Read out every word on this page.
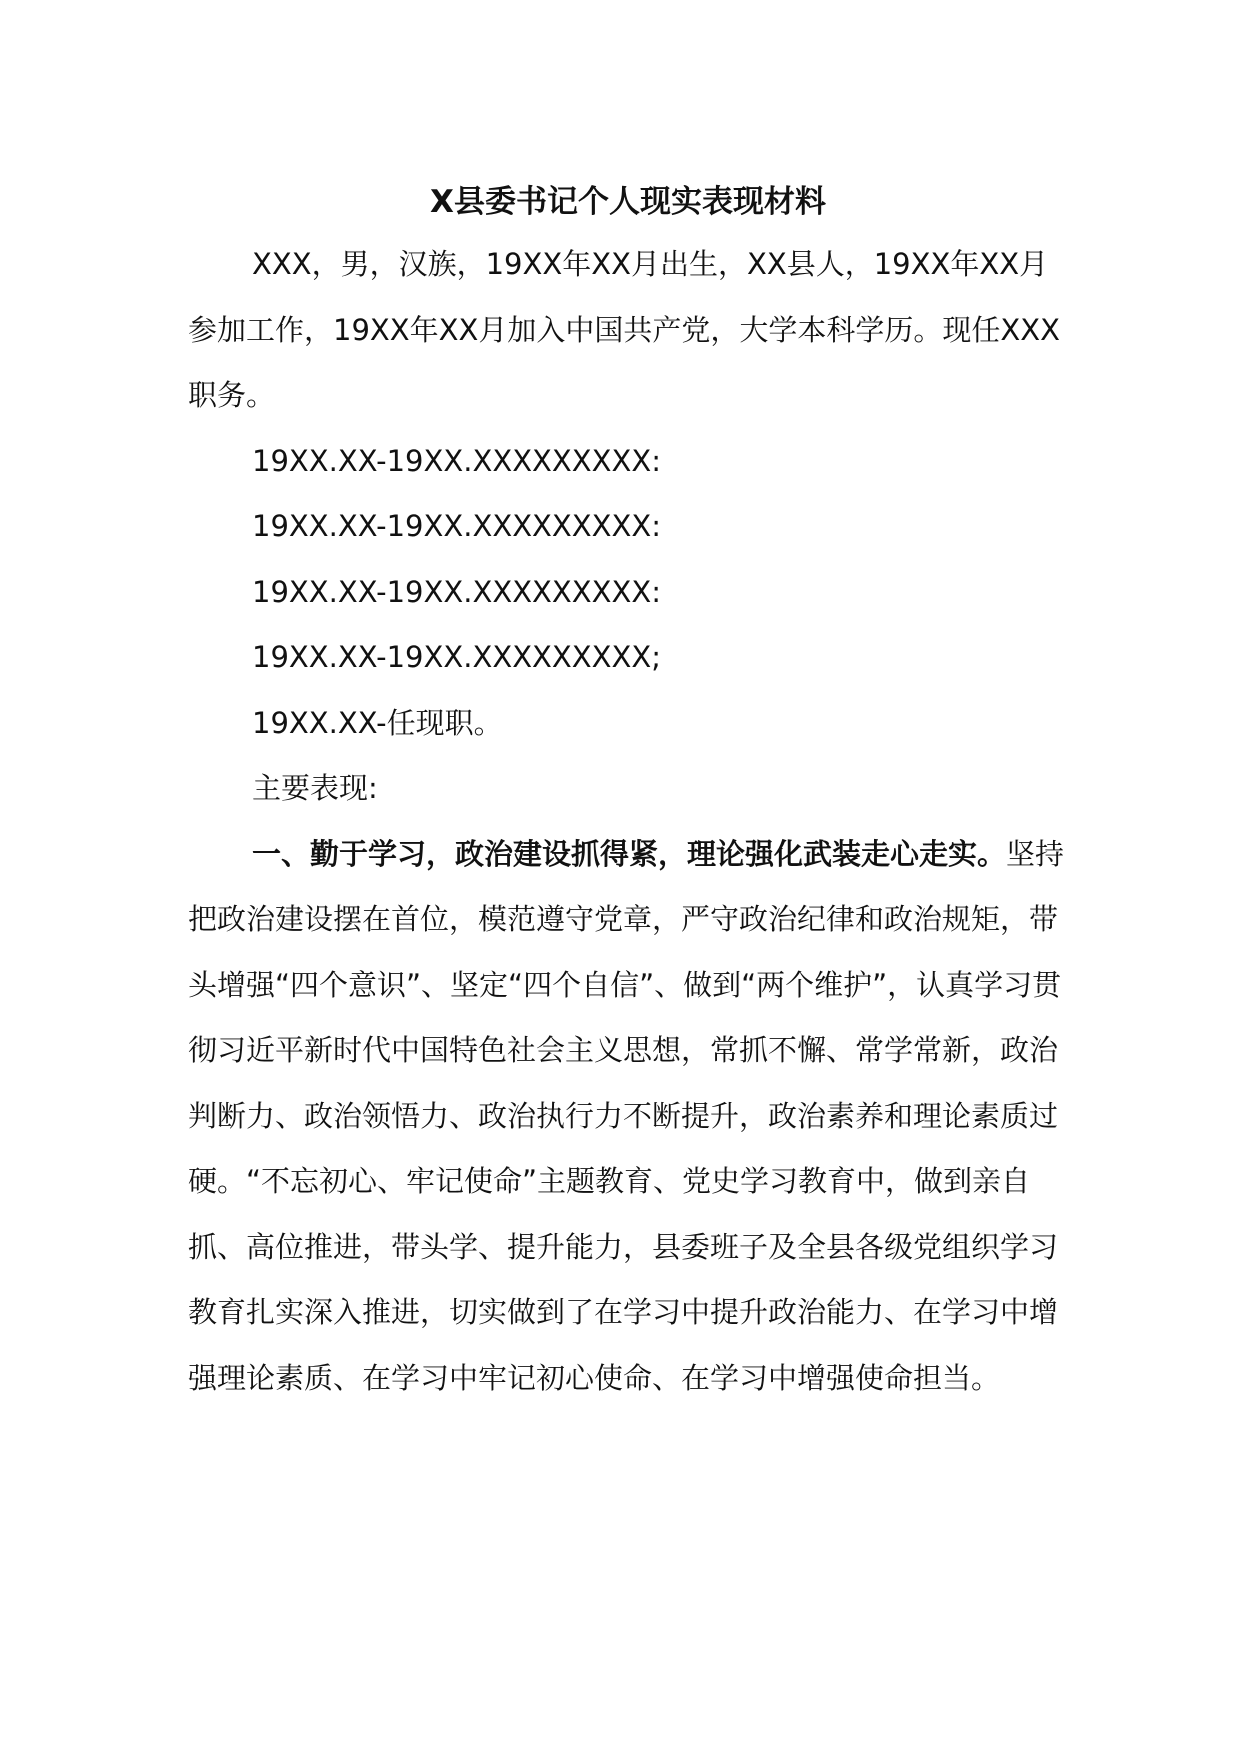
X县委书记个人现实表现材料

XXX，男，汉族，19XX年XX月出生，XX县人，19XX年XX月参加工作，19XX年XX月加入中国共产党，大学本科学历。现任XXX职务。

19XX.XX-19XX.XXXXXXXXX:

19XX.XX-19XX.XXXXXXXXX:

19XX.XX-19XX.XXXXXXXXX:

19XX.XX-19XX.XXXXXXXXX;

19XX.XX-任现职。

主要表现:

一、勤于学习，政治建设抓得紧，理论强化武装走心走实。坚持把政治建设摆在首位，模范遵守党章，严守政治纪律和政治规矩，带头增强“四个意识”、坚定“四个自信”、做到“两个维护”，认真学习贯彻习近平新时代中国特色社会主义思想，常抓不懈、常学常新，政治判断力、政治领悟力、政治执行力不断提升，政治素养和理论素质过硬。“不忘初心、牢记使命”主题教育、党史学习教育中，做到亲自抓、高位推进，带头学、提升能力，县委班子及全县各级党组织学习教育扎实深入推进，切实做到了在学习中提升政治能力、在学习中增强理论素质、在学习中牢记初心使命、在学习中增强使命担当。
